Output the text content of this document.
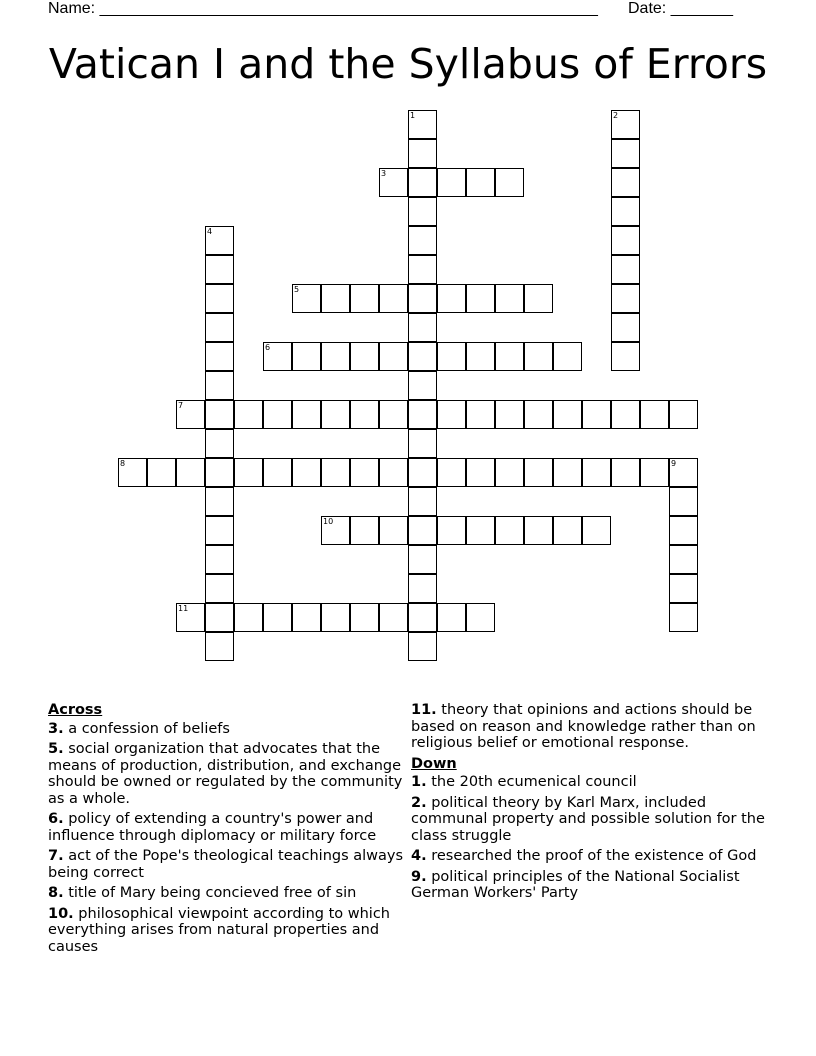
Name: ________________________________________________________ Date: _______
Vatican I and the Syllabus of Errors
1	2
3
4
5
6
7
8	9
10
11
Across
3. a confession of beliefs
5. social organization that advocates that the means of production, distribution, and exchange should be owned or regulated by the community as a whole.
6. policy of extending a country's power and influence through diplomacy or military force
7. act of the Pope's theological teachings always being correct
8. title of Mary being concieved free of sin
10. philosophical viewpoint according to which everything arises from natural properties and causes
11. theory that opinions and actions should be based on reason and knowledge rather than on religious belief or emotional response.
Down
1. the 20th ecumenical council
2. political theory by Karl Marx, included communal property and possible solution for the class struggle
4. researched the proof of the existence of God
9. political principles of the National Socialist German Workers' Party
